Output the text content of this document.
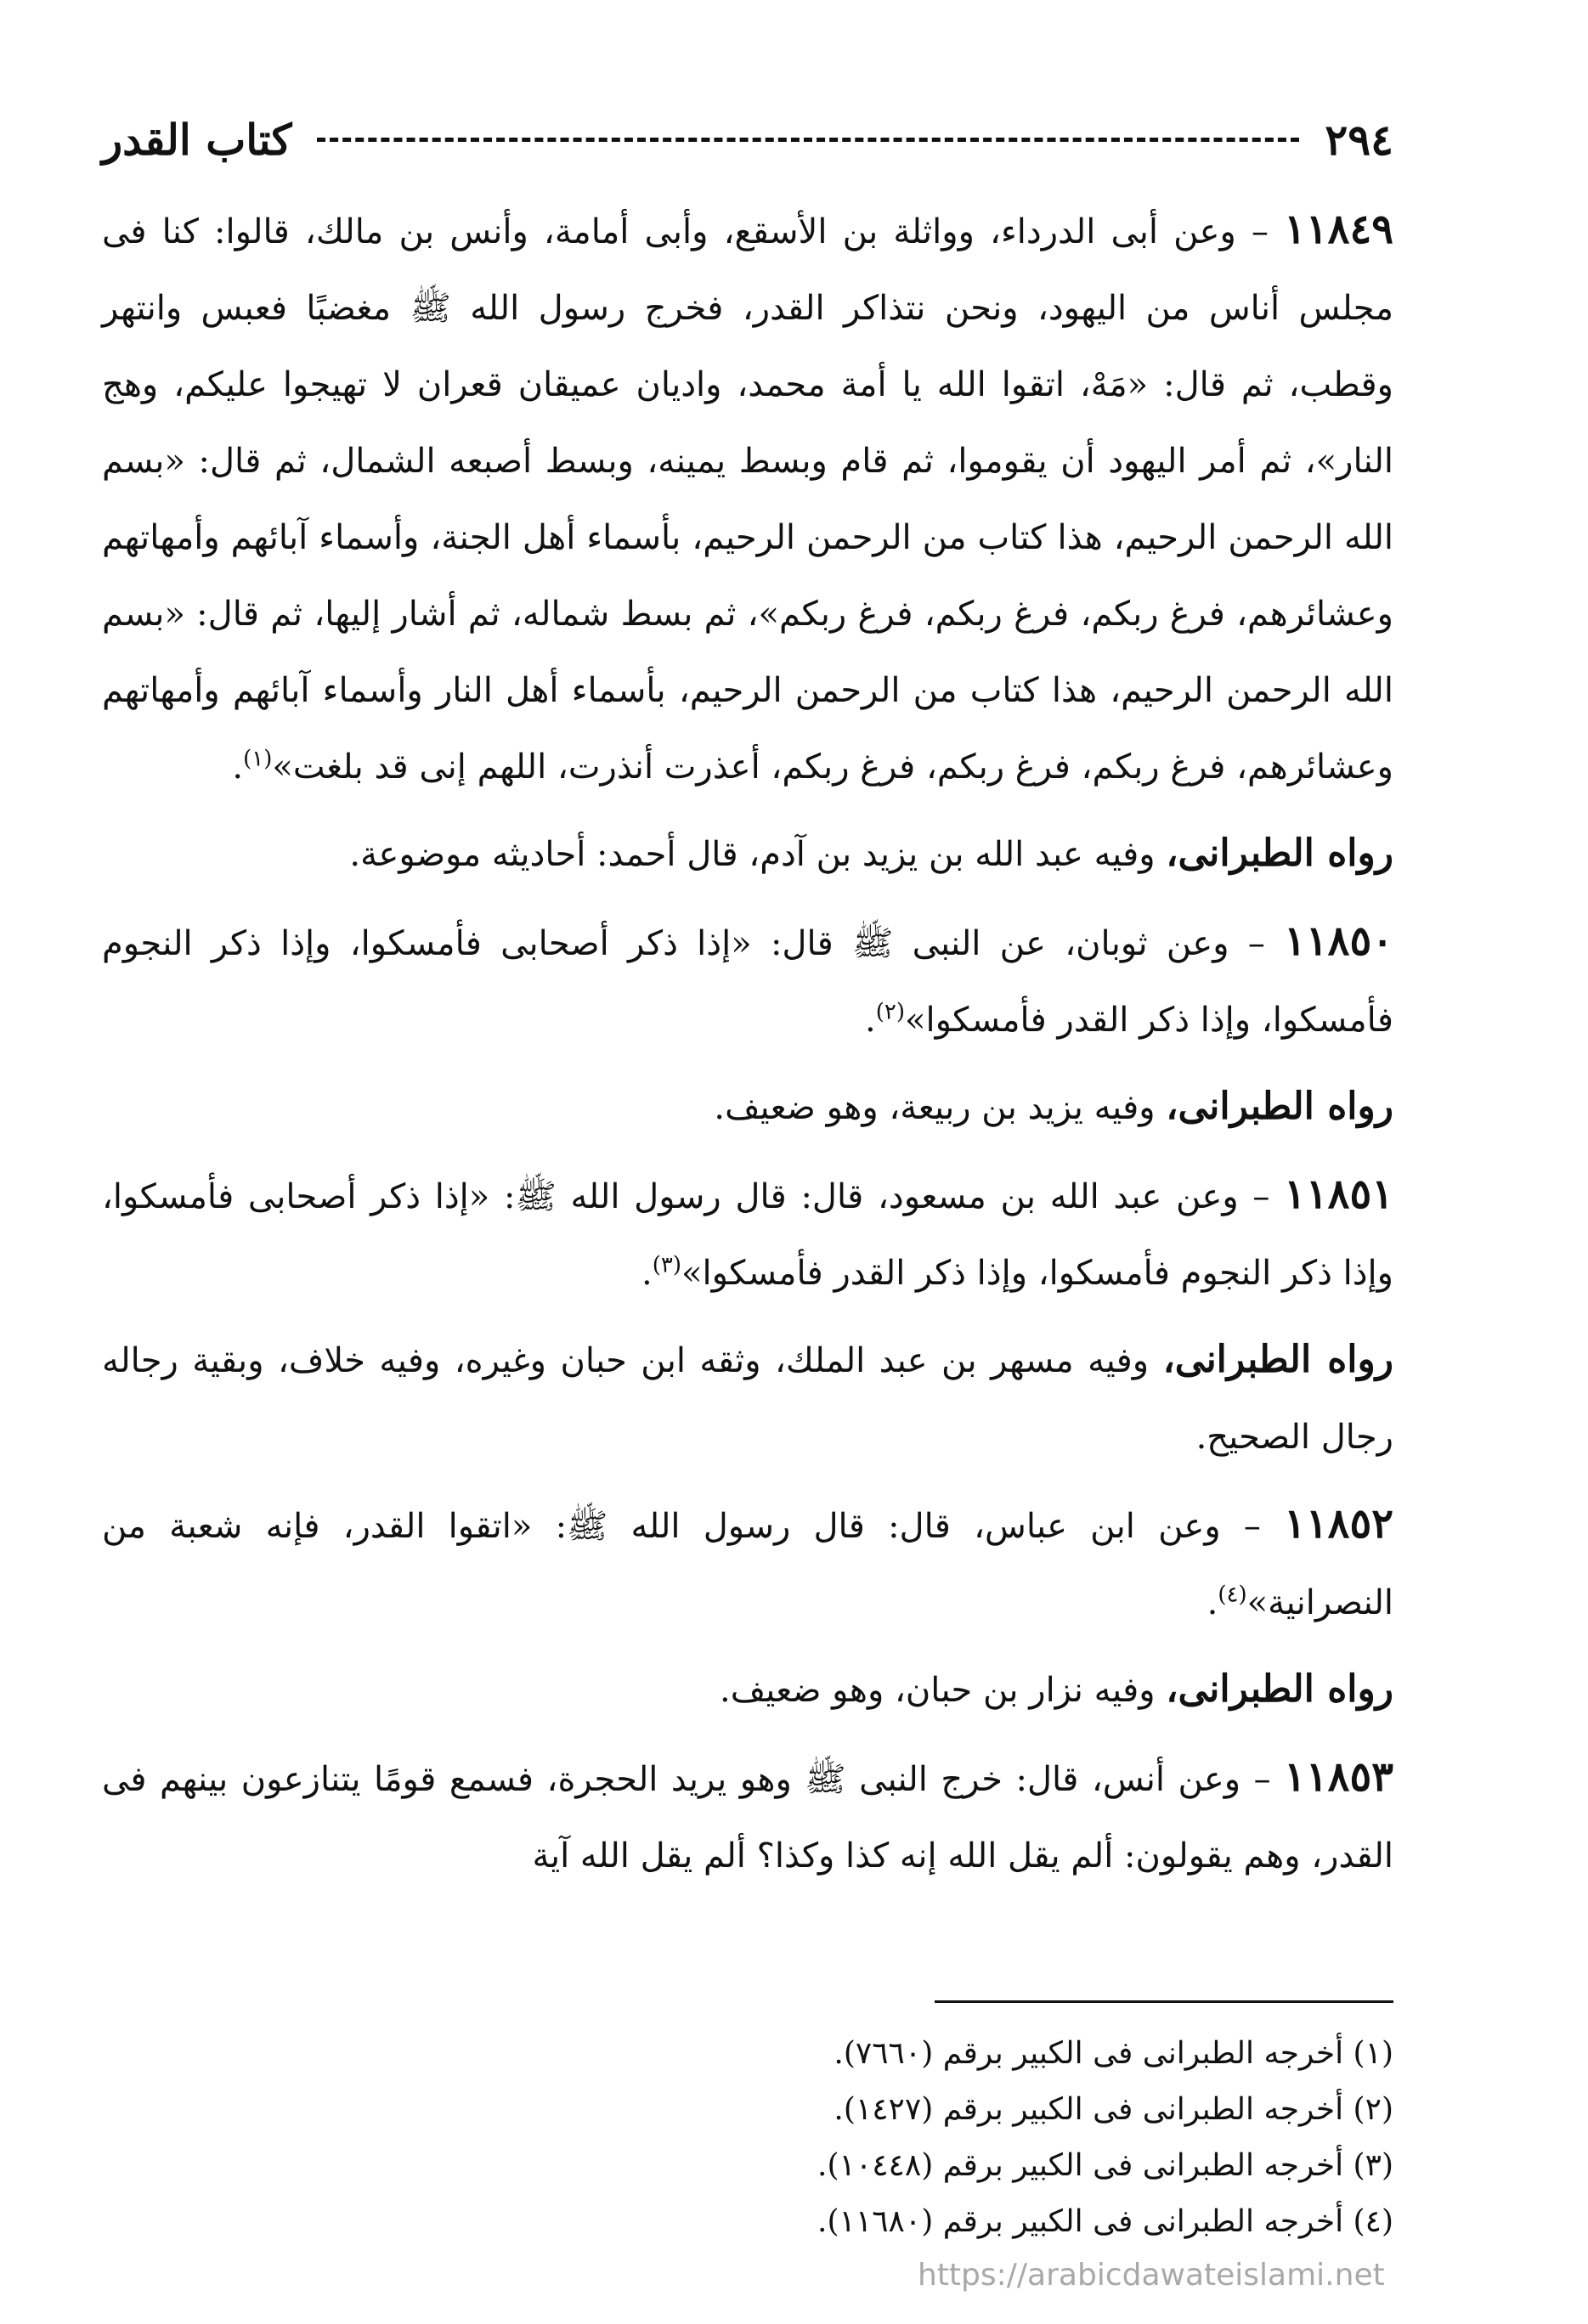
٢٩٤
كتاب القدر

١١٨٤٩ – وعن أبى الدرداء، وواثلة بن الأسقع، وأبى أمامة، وأنس بن مالك، قالوا: كنا فى مجلس أناس من اليهود، ونحن نتذاكر القدر، فخرج رسول الله ﷺ مغضبًا فعبس وانتهر وقطب، ثم قال: «مَهْ، اتقوا الله يا أمة محمد، واديان عميقان قعران لا تهيجوا عليكم، وهج النار»، ثم أمر اليهود أن يقوموا، ثم قام وبسط يمينه، وبسط أصبعه الشمال، ثم قال: «بسم الله الرحمن الرحيم، هذا كتاب من الرحمن الرحيم، بأسماء أهل الجنة، وأسماء آبائهم وأمهاتهم وعشائرهم، فرغ ربكم، فرغ ربكم، فرغ ربكم»، ثم بسط شماله، ثم أشار إليها، ثم قال: «بسم الله الرحمن الرحيم، هذا كتاب من الرحمن الرحيم، بأسماء أهل النار وأسماء آبائهم وأمهاتهم وعشائرهم، فرغ ربكم، فرغ ربكم، فرغ ربكم، أعذرت أنذرت، اللهم إنى قد بلغت»$^{(١)}$.

رواه الطبرانى، وفيه عبد الله بن يزيد بن آدم، قال أحمد: أحاديثه موضوعة.

١١٨٥٠ – وعن ثوبان، عن النبى ﷺ قال: «إذا ذكر أصحابى فأمسكوا، وإذا ذكر النجوم فأمسكوا، وإذا ذكر القدر فأمسكوا»$^{(٢)}$.

رواه الطبرانى، وفيه يزيد بن ربيعة، وهو ضعيف.

١١٨٥١ – وعن عبد الله بن مسعود، قال: قال رسول الله ﷺ: «إذا ذكر أصحابى فأمسكوا، وإذا ذكر النجوم فأمسكوا، وإذا ذكر القدر فأمسكوا»$^{(٣)}$.

رواه الطبرانى، وفيه مسهر بن عبد الملك، وثقه ابن حبان وغيره، وفيه خلاف، وبقية رجاله رجال الصحيح.

١١٨٥٢ – وعن ابن عباس، قال: قال رسول الله ﷺ: «اتقوا القدر، فإنه شعبة من النصرانية»$^{(٤)}$.

رواه الطبرانى، وفيه نزار بن حبان، وهو ضعيف.

١١٨٥٣ – وعن أنس، قال: خرج النبى ﷺ وهو يريد الحجرة، فسمع قومًا يتنازعون بينهم فى القدر، وهم يقولون: ألم يقل الله إنه كذا وكذا؟ ألم يقل الله آية

(١) أخرجه الطبرانى فى الكبير برقم (٧٦٦٠).
(٢) أخرجه الطبرانى فى الكبير برقم (١٤٢٧).
(٣) أخرجه الطبرانى فى الكبير برقم (١٠٤٤٨).
(٤) أخرجه الطبرانى فى الكبير برقم (١١٦٨٠).
https://arabicdawateislami.net
